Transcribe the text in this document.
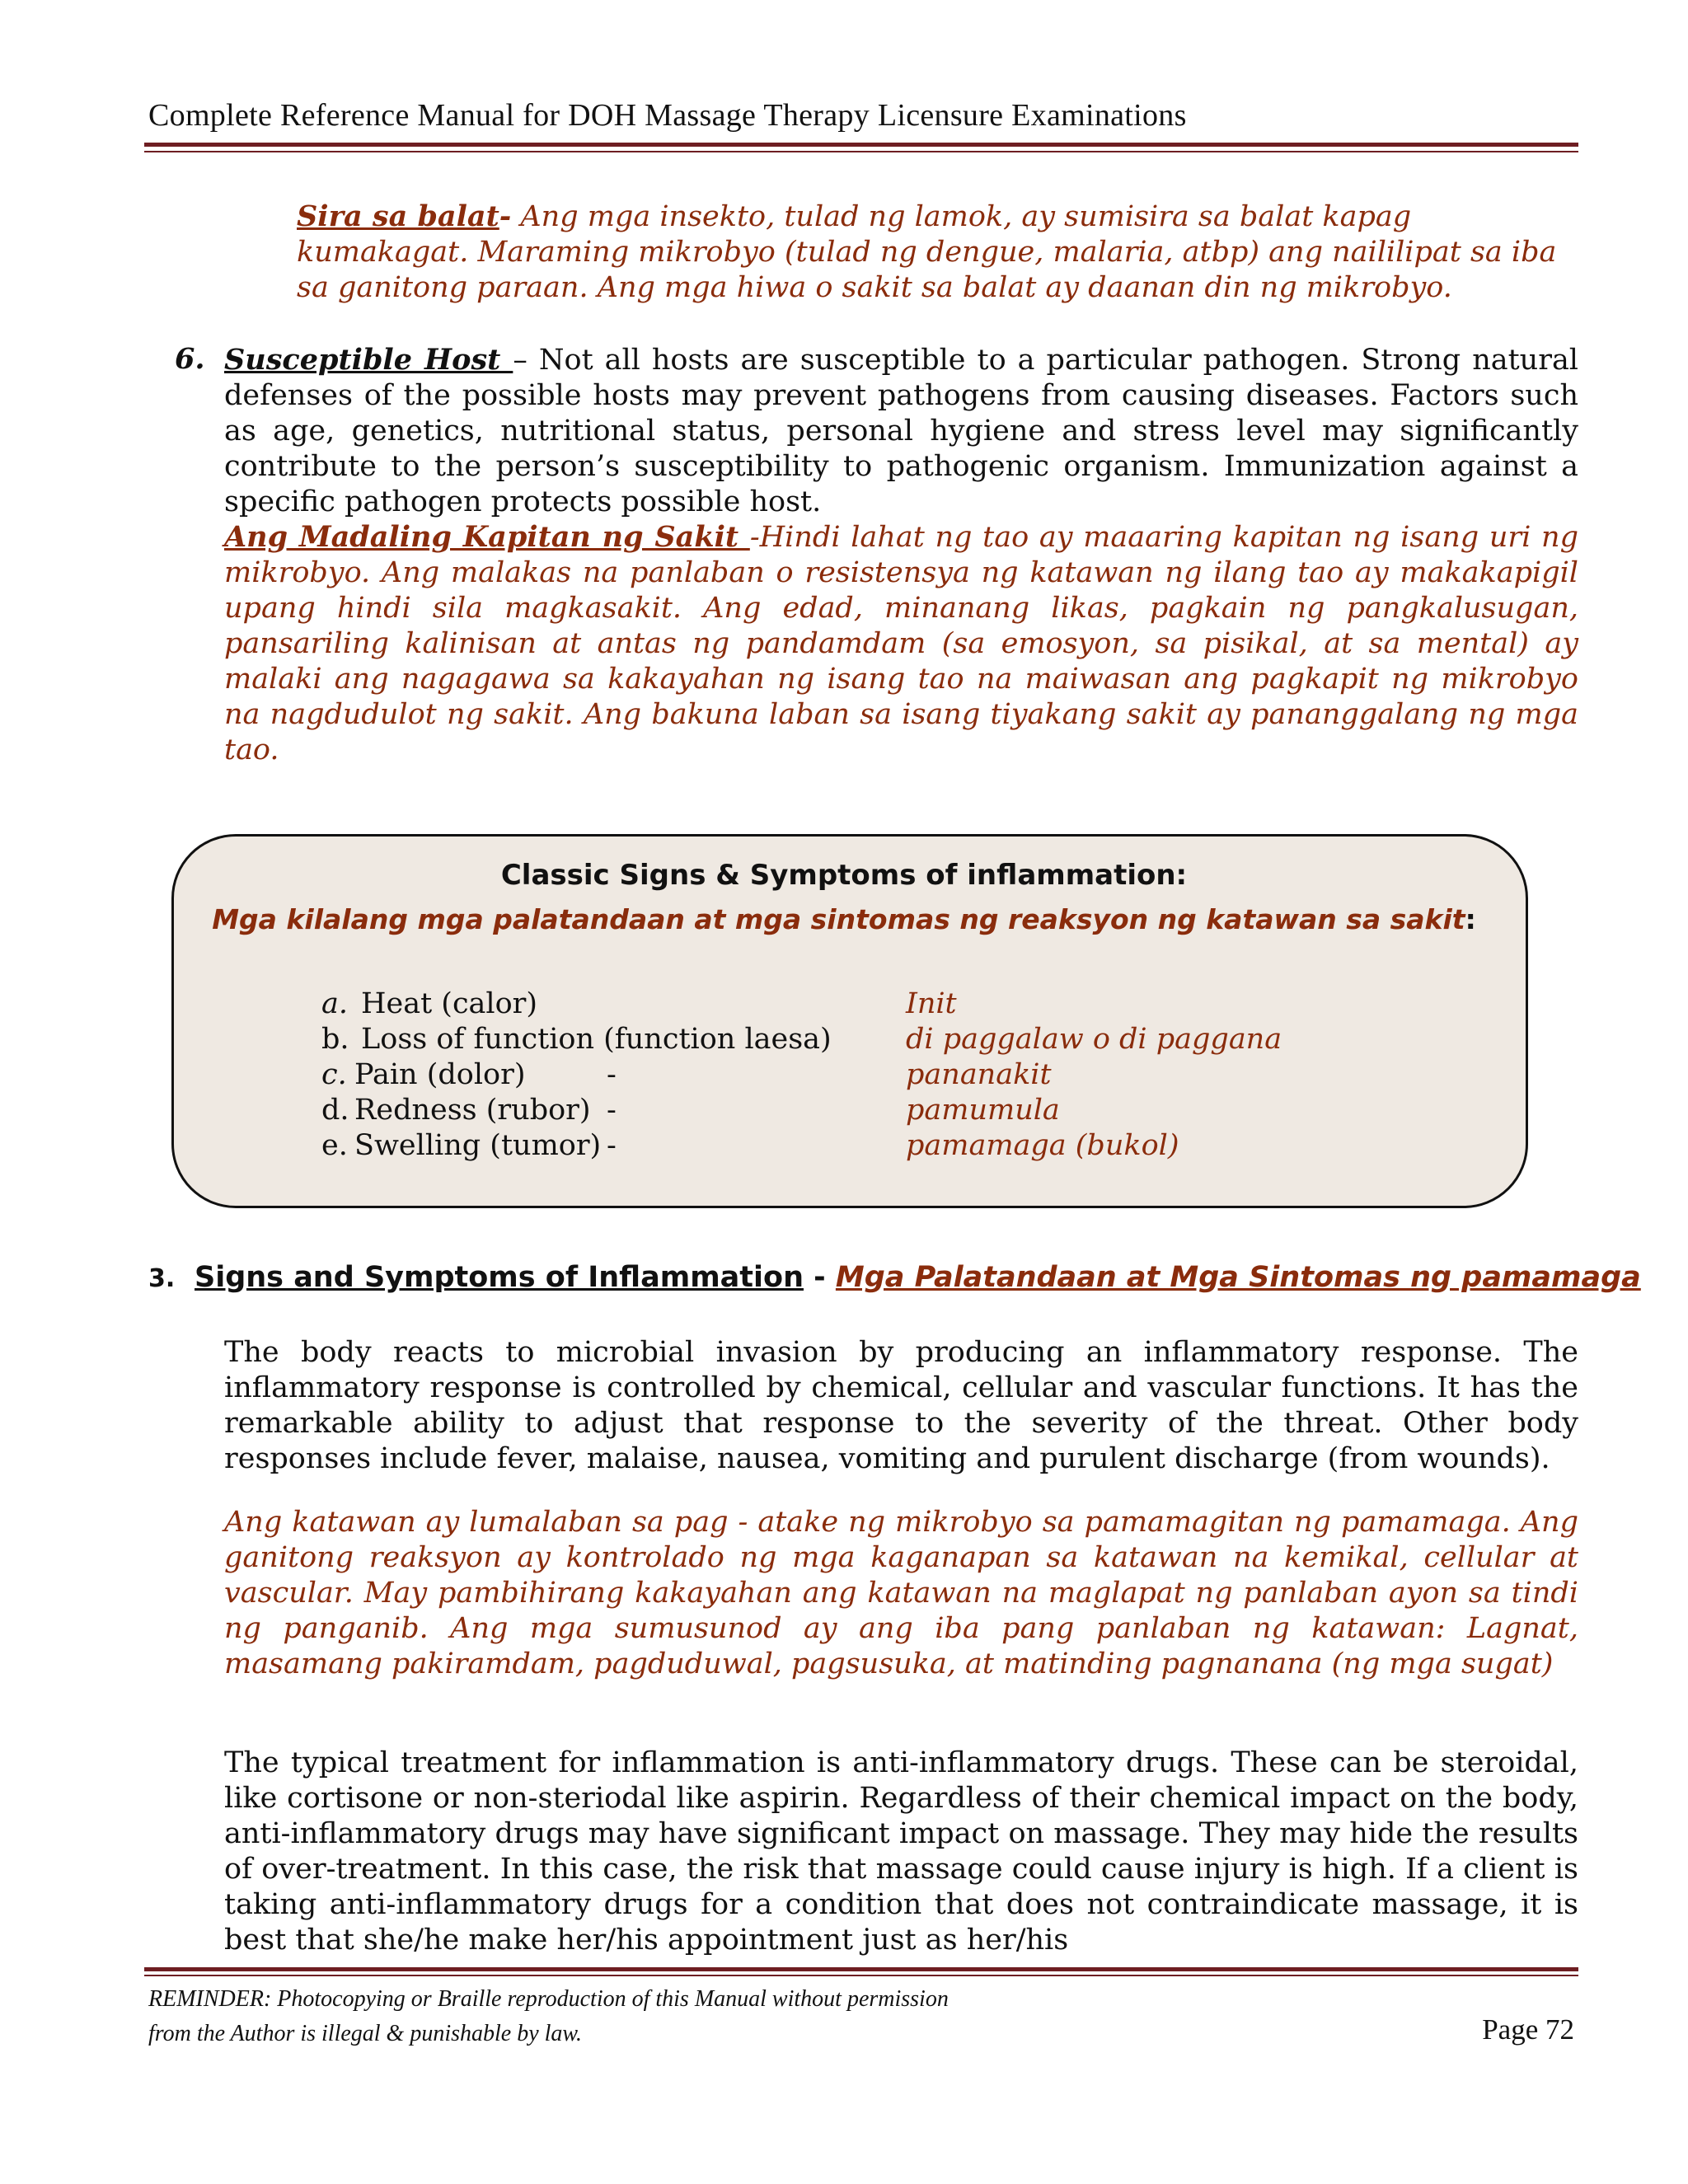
Complete Reference Manual for DOH Massage Therapy Licensure Examinations
Sira sa balat- Ang mga insekto, tulad ng lamok, ay sumisira sa balat kapag kumakagat. Maraming mikrobyo (tulad ng dengue, malaria, atbp) ang naililipat sa iba sa ganitong paraan. Ang mga hiwa o sakit sa balat ay daanan din ng mikrobyo.
6. Susceptible Host – Not all hosts are susceptible to a particular pathogen. Strong natural defenses of the possible hosts may prevent pathogens from causing diseases. Factors such as age, genetics, nutritional status, personal hygiene and stress level may significantly contribute to the person’s susceptibility to pathogenic organism. Immunization against a specific pathogen protects possible host.
Ang Madaling Kapitan ng Sakit -Hindi lahat ng tao ay maaaring kapitan ng isang uri ng mikrobyo. Ang malakas na panlaban o resistensya ng katawan ng ilang tao ay makakapigil upang hindi sila magkasakit. Ang edad, minanang likas, pagkain ng pangkalusugan, pansariling kalinisan at antas ng pandamdam (sa emosyon, sa pisikal, at sa mental) ay malaki ang nagagawa sa kakayahan ng isang tao na maiwasan ang pagkapit ng mikrobyo na nagdudulot ng sakit. Ang bakuna laban sa isang tiyakang sakit ay pananggalang ng mga tao.
Classic Signs & Symptoms of inflammation:
Mga kilalang mga palatandaan at mga sintomas ng reaksyon ng katawan sa sakit:
a. Heat (calor)	Init
b. Loss of function (function laesa)	di paggalaw o di paggana
c. Pain (dolor)	-	pananakit
d. Redness (rubor) -	pamumula
e. Swelling (tumor) -	pamamaga (bukol)
3. Signs and Symptoms of Inflammation - Mga Palatandaan at Mga Sintomas ng pamamaga
The body reacts to microbial invasion by producing an inflammatory response. The inflammatory response is controlled by chemical, cellular and vascular functions. It has the remarkable ability to adjust that response to the severity of the threat. Other body responses include fever, malaise, nausea, vomiting and purulent discharge (from wounds).
Ang katawan ay lumalaban sa pag - atake ng mikrobyo sa pamamagitan ng pamamaga. Ang ganitong reaksyon ay kontrolado ng mga kaganapan sa katawan na kemikal, cellular at vascular. May pambihirang kakayahan ang katawan na maglapat ng panlaban ayon sa tindi ng panganib. Ang mga sumusunod ay ang iba pang panlaban ng katawan: Lagnat, masamang pakiramdam, pagduduwal, pagsusuka, at matinding pagnanana (ng mga sugat)
The typical treatment for inflammation is anti-inflammatory drugs. These can be steroidal, like cortisone or non-steriodal like aspirin. Regardless of their chemical impact on the body, anti-inflammatory drugs may have significant impact on massage. They may hide the results of over-treatment. In this case, the risk that massage could cause injury is high. If a client is taking anti-inflammatory drugs for a condition that does not contraindicate massage, it is best that she/he make her/his appointment just as her/his
REMINDER: Photocopying or Braille reproduction of this Manual without permission
from the Author is illegal & punishable by law.	Page 72
